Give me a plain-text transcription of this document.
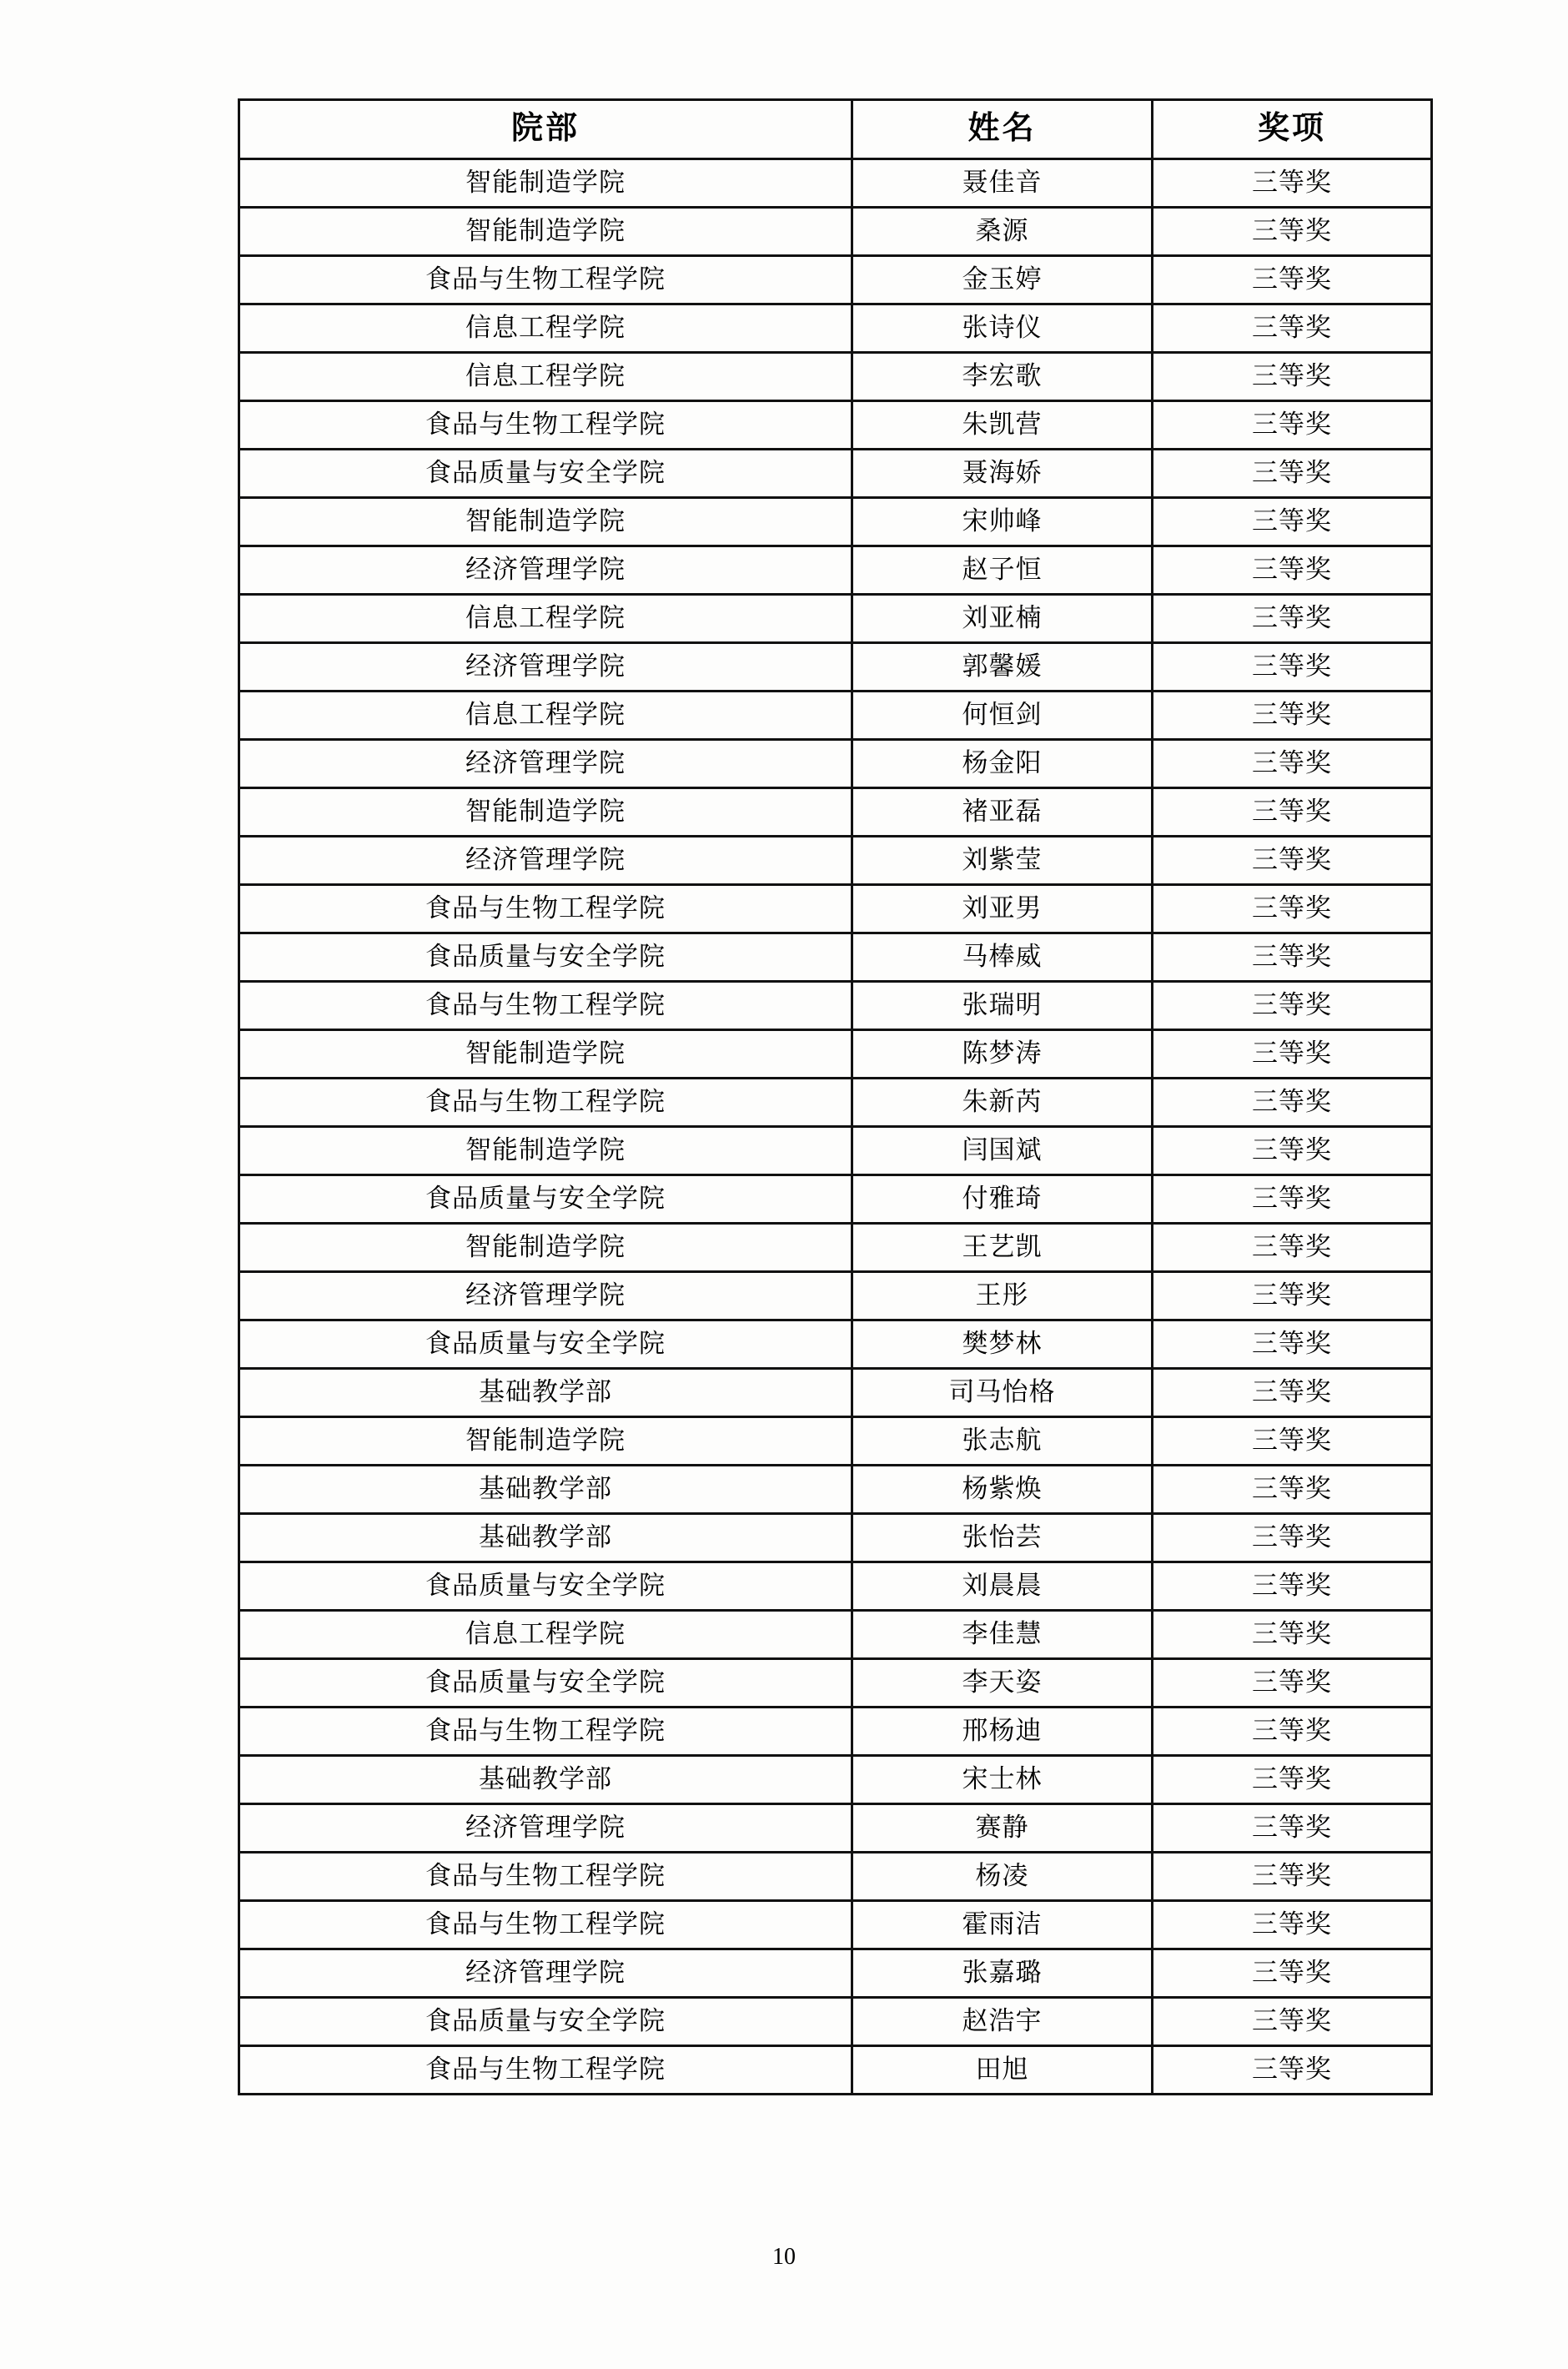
院部	姓名	奖项
智能制造学院	聂佳音	三等奖
智能制造学院	桑源	三等奖
食品与生物工程学院	金玉婷	三等奖
信息工程学院	张诗仪	三等奖
信息工程学院	李宏歌	三等奖
食品与生物工程学院	朱凯营	三等奖
食品质量与安全学院	聂海娇	三等奖
智能制造学院	宋帅峰	三等奖
经济管理学院	赵子恒	三等奖
信息工程学院	刘亚楠	三等奖
经济管理学院	郭馨媛	三等奖
信息工程学院	何恒剑	三等奖
经济管理学院	杨金阳	三等奖
智能制造学院	褚亚磊	三等奖
经济管理学院	刘紫莹	三等奖
食品与生物工程学院	刘亚男	三等奖
食品质量与安全学院	马棒威	三等奖
食品与生物工程学院	张瑞明	三等奖
智能制造学院	陈梦涛	三等奖
食品与生物工程学院	朱新芮	三等奖
智能制造学院	闫国斌	三等奖
食品质量与安全学院	付雅琦	三等奖
智能制造学院	王艺凯	三等奖
经济管理学院	王彤	三等奖
食品质量与安全学院	樊梦林	三等奖
基础教学部	司马怡格	三等奖
智能制造学院	张志航	三等奖
基础教学部	杨紫焕	三等奖
基础教学部	张怡芸	三等奖
食品质量与安全学院	刘晨晨	三等奖
信息工程学院	李佳慧	三等奖
食品质量与安全学院	李天姿	三等奖
食品与生物工程学院	邢杨迪	三等奖
基础教学部	宋士林	三等奖
经济管理学院	赛静	三等奖
食品与生物工程学院	杨凌	三等奖
食品与生物工程学院	霍雨洁	三等奖
经济管理学院	张嘉璐	三等奖
食品质量与安全学院	赵浩宇	三等奖
食品与生物工程学院	田旭	三等奖
10
